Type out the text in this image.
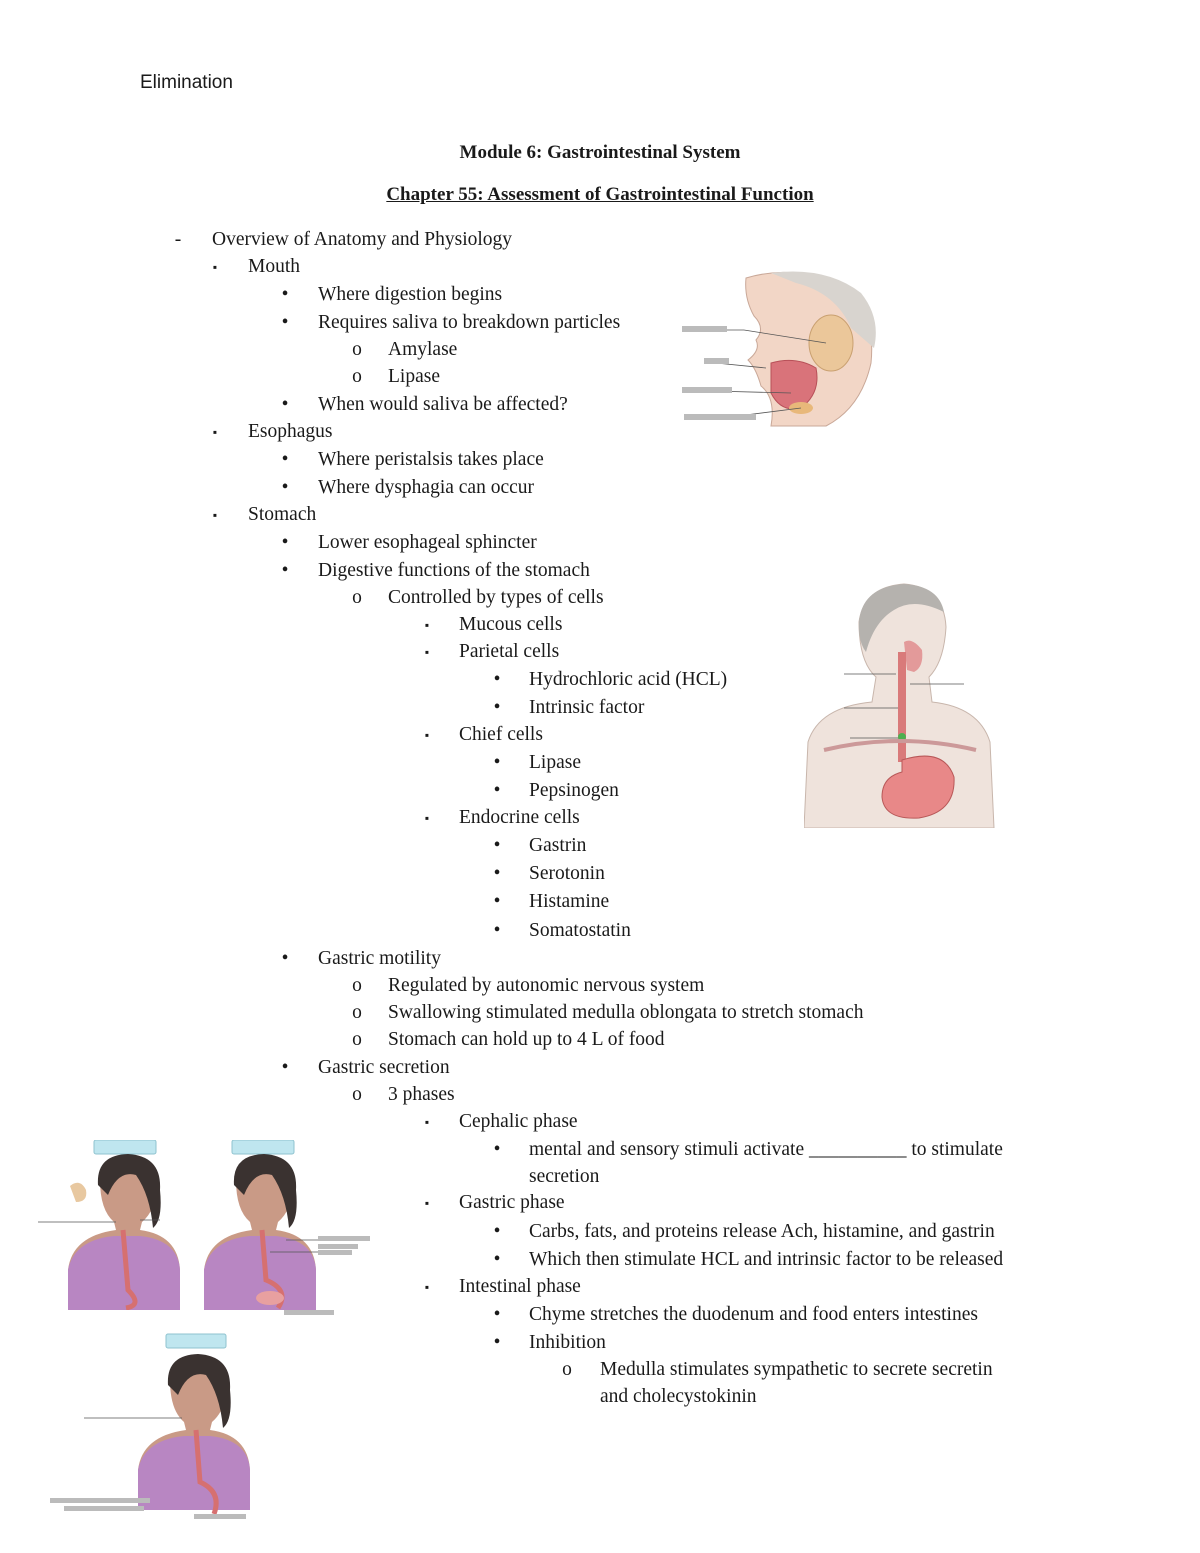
Elimination
Module 6: Gastrointestinal System
Chapter 55: Assessment of Gastrointestinal Function
-	Overview of Anatomy and Physiology
▪	Mouth
•	Where digestion begins
•	Requires saliva to breakdown particles
o	Amylase
o	Lipase
•	When would saliva be affected?
▪	Esophagus
•	Where peristalsis takes place
•	Where dysphagia can occur
▪	Stomach
•	Lower esophageal sphincter
•	Digestive functions of the stomach
o	Controlled by types of cells
▪	Mucous cells
▪	Parietal cells
•	Hydrochloric acid (HCL)
•	Intrinsic factor
▪	Chief cells
•	Lipase
•	Pepsinogen
▪	Endocrine cells
•	Gastrin
•	Serotonin
•	Histamine
•	Somatostatin
•	Gastric motility
o	Regulated by autonomic nervous system
o	Swallowing stimulated medulla oblongata to stretch stomach
o	Stomach can hold up to 4 L of food
•	Gastric secretion
o	3 phases
▪	Cephalic phase
•	mental and sensory stimuli activate __________ to stimulate
secretion
▪	Gastric phase
•	Carbs, fats, and proteins release Ach, histamine, and gastrin
•	Which then stimulate HCL and intrinsic factor to be released
▪	Intestinal phase
•	Chyme stretches the duodenum and food enters intestines
•	Inhibition
o	Medulla stimulates sympathetic to secrete secretin
and cholecystokinin
